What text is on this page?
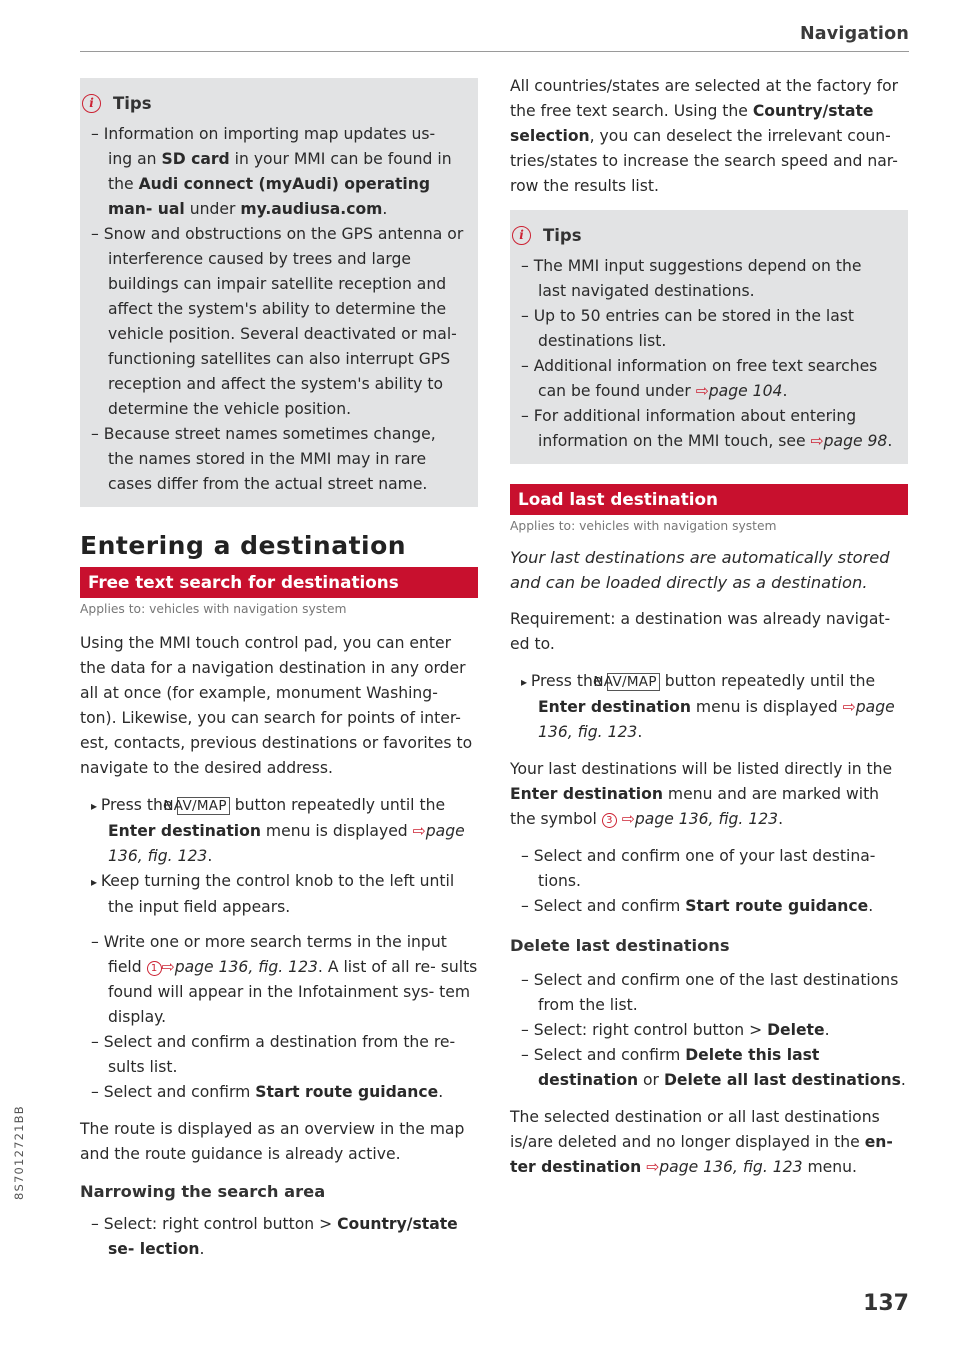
Navigation
i	Tips

– Information on importing map updates us- ing an SD card in your MMI can be found in the Audi connect (myAudi) operating man- ual under my.audiusa.com.

– Snow and obstructions on the GPS antenna or interference caused by trees and large buildings can impair satellite reception and affect the system's ability to determine the vehicle position. Several deactivated or mal- functioning satellites can also interrupt GPS reception and affect the system's ability to determine the vehicle position.

– Because street names sometimes change, the names stored in the MMI may in rare cases differ from the actual street name.

Entering a destination
Free text search for destinations
Applies to: vehicles with navigation system

Using the MMI touch control pad, you can enter the data for a navigation destination in any order all at once (for example, monument Washing- ton). Likewise, you can search for points of inter- est, contacts, previous destinations or favorites to navigate to the desired address.

▸ Press the NAV/MAP button repeatedly until the Enter destination menu is displayed ⇨page 136, fig. 123.

▸ Keep turning the control knob to the left until the input field appears.

– Write one or more search terms in the input field 1 ⇨page 136, fig. 123. A list of all re- sults found will appear in the Infotainment sys- tem display.

– Select and confirm a destination from the re- sults list.

– Select and confirm Start route guidance.

The route is displayed as an overview in the map and the route guidance is already active.

Narrowing the search area

– Select: right control button > Country/state se- lection.

All countries/states are selected at the factory for the free text search. Using the Country/state selection, you can deselect the irrelevant coun- tries/states to increase the search speed and nar- row the results list.

i	Tips

– The MMI input suggestions depend on the last navigated destinations.

– Up to 50 entries can be stored in the last destinations list.

– Additional information on free text searches can be found under ⇨page 104.

– For additional information about entering information on the MMI touch, see ⇨page 98.

Load last destination
Applies to: vehicles with navigation system

Your last destinations are automatically stored and can be loaded directly as a destination.

Requirement: a destination was already navigat- ed to.

▸ Press the NAV/MAP button repeatedly until the Enter destination menu is displayed ⇨page 136, fig. 123.

Your last destinations will be listed directly in the Enter destination menu and are marked with the symbol 3 ⇨page 136, fig. 123.

– Select and confirm one of your last destina- tions.

– Select and confirm Start route guidance.

Delete last destinations

– Select and confirm one of the last destinations from the list.

– Select: right control button > Delete.

– Select and confirm Delete this last destination or Delete all last destinations.

The selected destination or all last destinations is/are deleted and no longer displayed in the en- ter destination ⇨page 136, fig. 123 menu.

8S7012721BB
137
